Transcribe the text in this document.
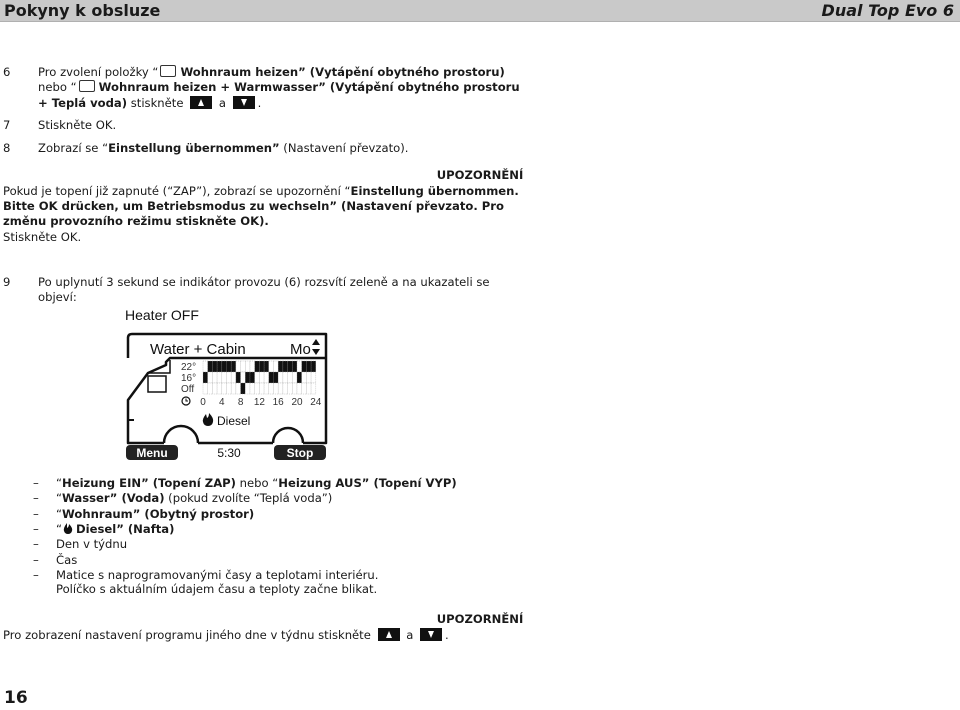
Pokyny k obsluze	Dual Top Evo 6
6 Pro zvolení položky “ Wohnraum heizen” (Vytápění obytného prostoru)
nebo “ Wohnraum heizen + Warmwasser” (Vytápění obytného prostoru
+ Teplá voda) stiskněte	a	.
7 Stiskněte OK.
8 Zobrazí se “Einstellung übernommen” (Nastavení převzato).
UPOZORNĚNÍ
Pokud je topení již zapnuté (“ZAP”), zobrazí se upozornění “Einstellung übernommen.
Bitte OK drücken, um Betriebsmodus zu wechseln” (Nastavení převzato. Pro
změnu provozního režimu stiskněte OK).
Stiskněte OK.
9 Po uplynutí 3 sekund se indikátor provozu (6) rozsvítí zeleně a na ukazateli se
objeví:
Heater OFF
Water + Cabin	Mo
22°
16°
Off
0 4 8 12 16 20 24
Diesel
Menu	5:30	Stop
– “Heizung EIN” (Topení ZAP) nebo “Heizung AUS” (Topení VYP)
– “Wasser” (Voda) (pokud zvolíte “Teplá voda”)
– “Wohnraum” (Obytný prostor)
– “ Diesel” (Nafta)
– Den v týdnu
– Čas
– Matice s naprogramovanými časy a teplotami interiéru.
Políčko s aktuálním údajem času a teploty začne blikat.
UPOZORNĚNÍ
Pro zobrazení nastavení programu jiného dne v týdnu stiskněte	a	.
16
